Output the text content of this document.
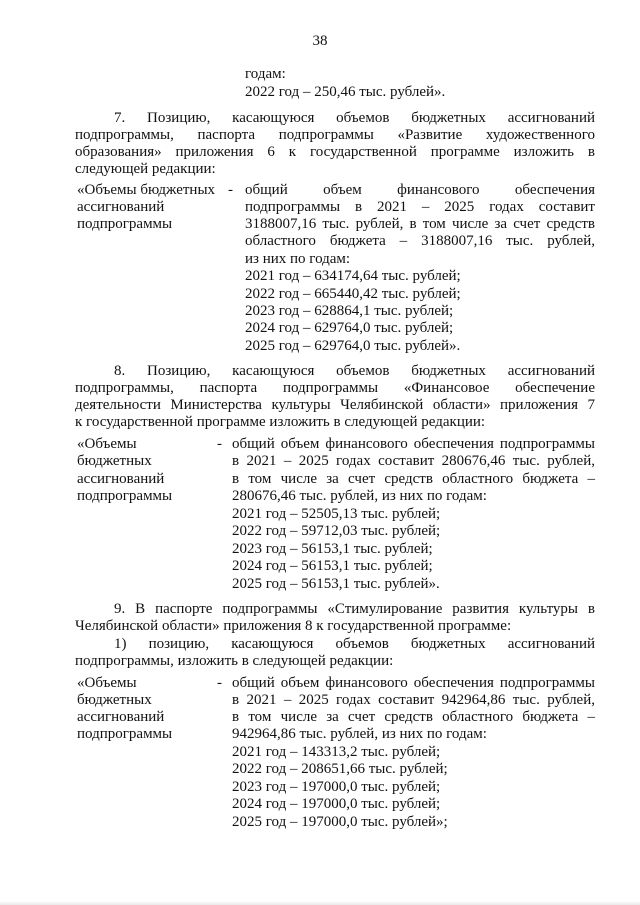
38
годам:
2022 год – 250,46 тыс. рублей».
7. Позицию, касающуюся объемов бюджетных ассигнований
подпрограммы, паспорта подпрограммы «Развитие художественного
образования» приложения 6 к государственной программе изложить в
следующей редакции:
«Объемы бюджетных
ассигнований
подпрограммы
- общий объем финансового обеспечения
подпрограммы в 2021 – 2025 годах составит
3188007,16 тыс. рублей, в том числе за счет средств
областного бюджета – 3188007,16 тыс. рублей,
из них по годам:
2021 год – 634174,64 тыс. рублей;
2022 год – 665440,42 тыс. рублей;
2023 год – 628864,1 тыс. рублей;
2024 год – 629764,0 тыс. рублей;
2025 год – 629764,0 тыс. рублей».
8. Позицию, касающуюся объемов бюджетных ассигнований
подпрограммы, паспорта подпрограммы «Финансовое обеспечение
деятельности Министерства культуры Челябинской области» приложения 7
к государственной программе изложить в следующей редакции:
«Объемы
бюджетных
ассигнований
подпрограммы
- общий объем финансового обеспечения подпрограммы
в 2021 – 2025 годах составит 280676,46 тыс. рублей,
в том числе за счет средств областного бюджета –
280676,46 тыс. рублей, из них по годам:
2021 год – 52505,13 тыс. рублей;
2022 год – 59712,03 тыс. рублей;
2023 год – 56153,1 тыс. рублей;
2024 год – 56153,1 тыс. рублей;
2025 год – 56153,1 тыс. рублей».
9. В паспорте подпрограммы «Стимулирование развития культуры в
Челябинской области» приложения 8 к государственной программе:
1) позицию, касающуюся объемов бюджетных ассигнований
подпрограммы, изложить в следующей редакции:
«Объемы
бюджетных
ассигнований
подпрограммы
- общий объем финансового обеспечения подпрограммы
в 2021 – 2025 годах составит 942964,86 тыс. рублей,
в том числе за счет средств областного бюджета –
942964,86 тыс. рублей, из них по годам:
2021 год – 143313,2 тыс. рублей;
2022 год – 208651,66 тыс. рублей;
2023 год – 197000,0 тыс. рублей;
2024 год – 197000,0 тыс. рублей;
2025 год – 197000,0 тыс. рублей»;
